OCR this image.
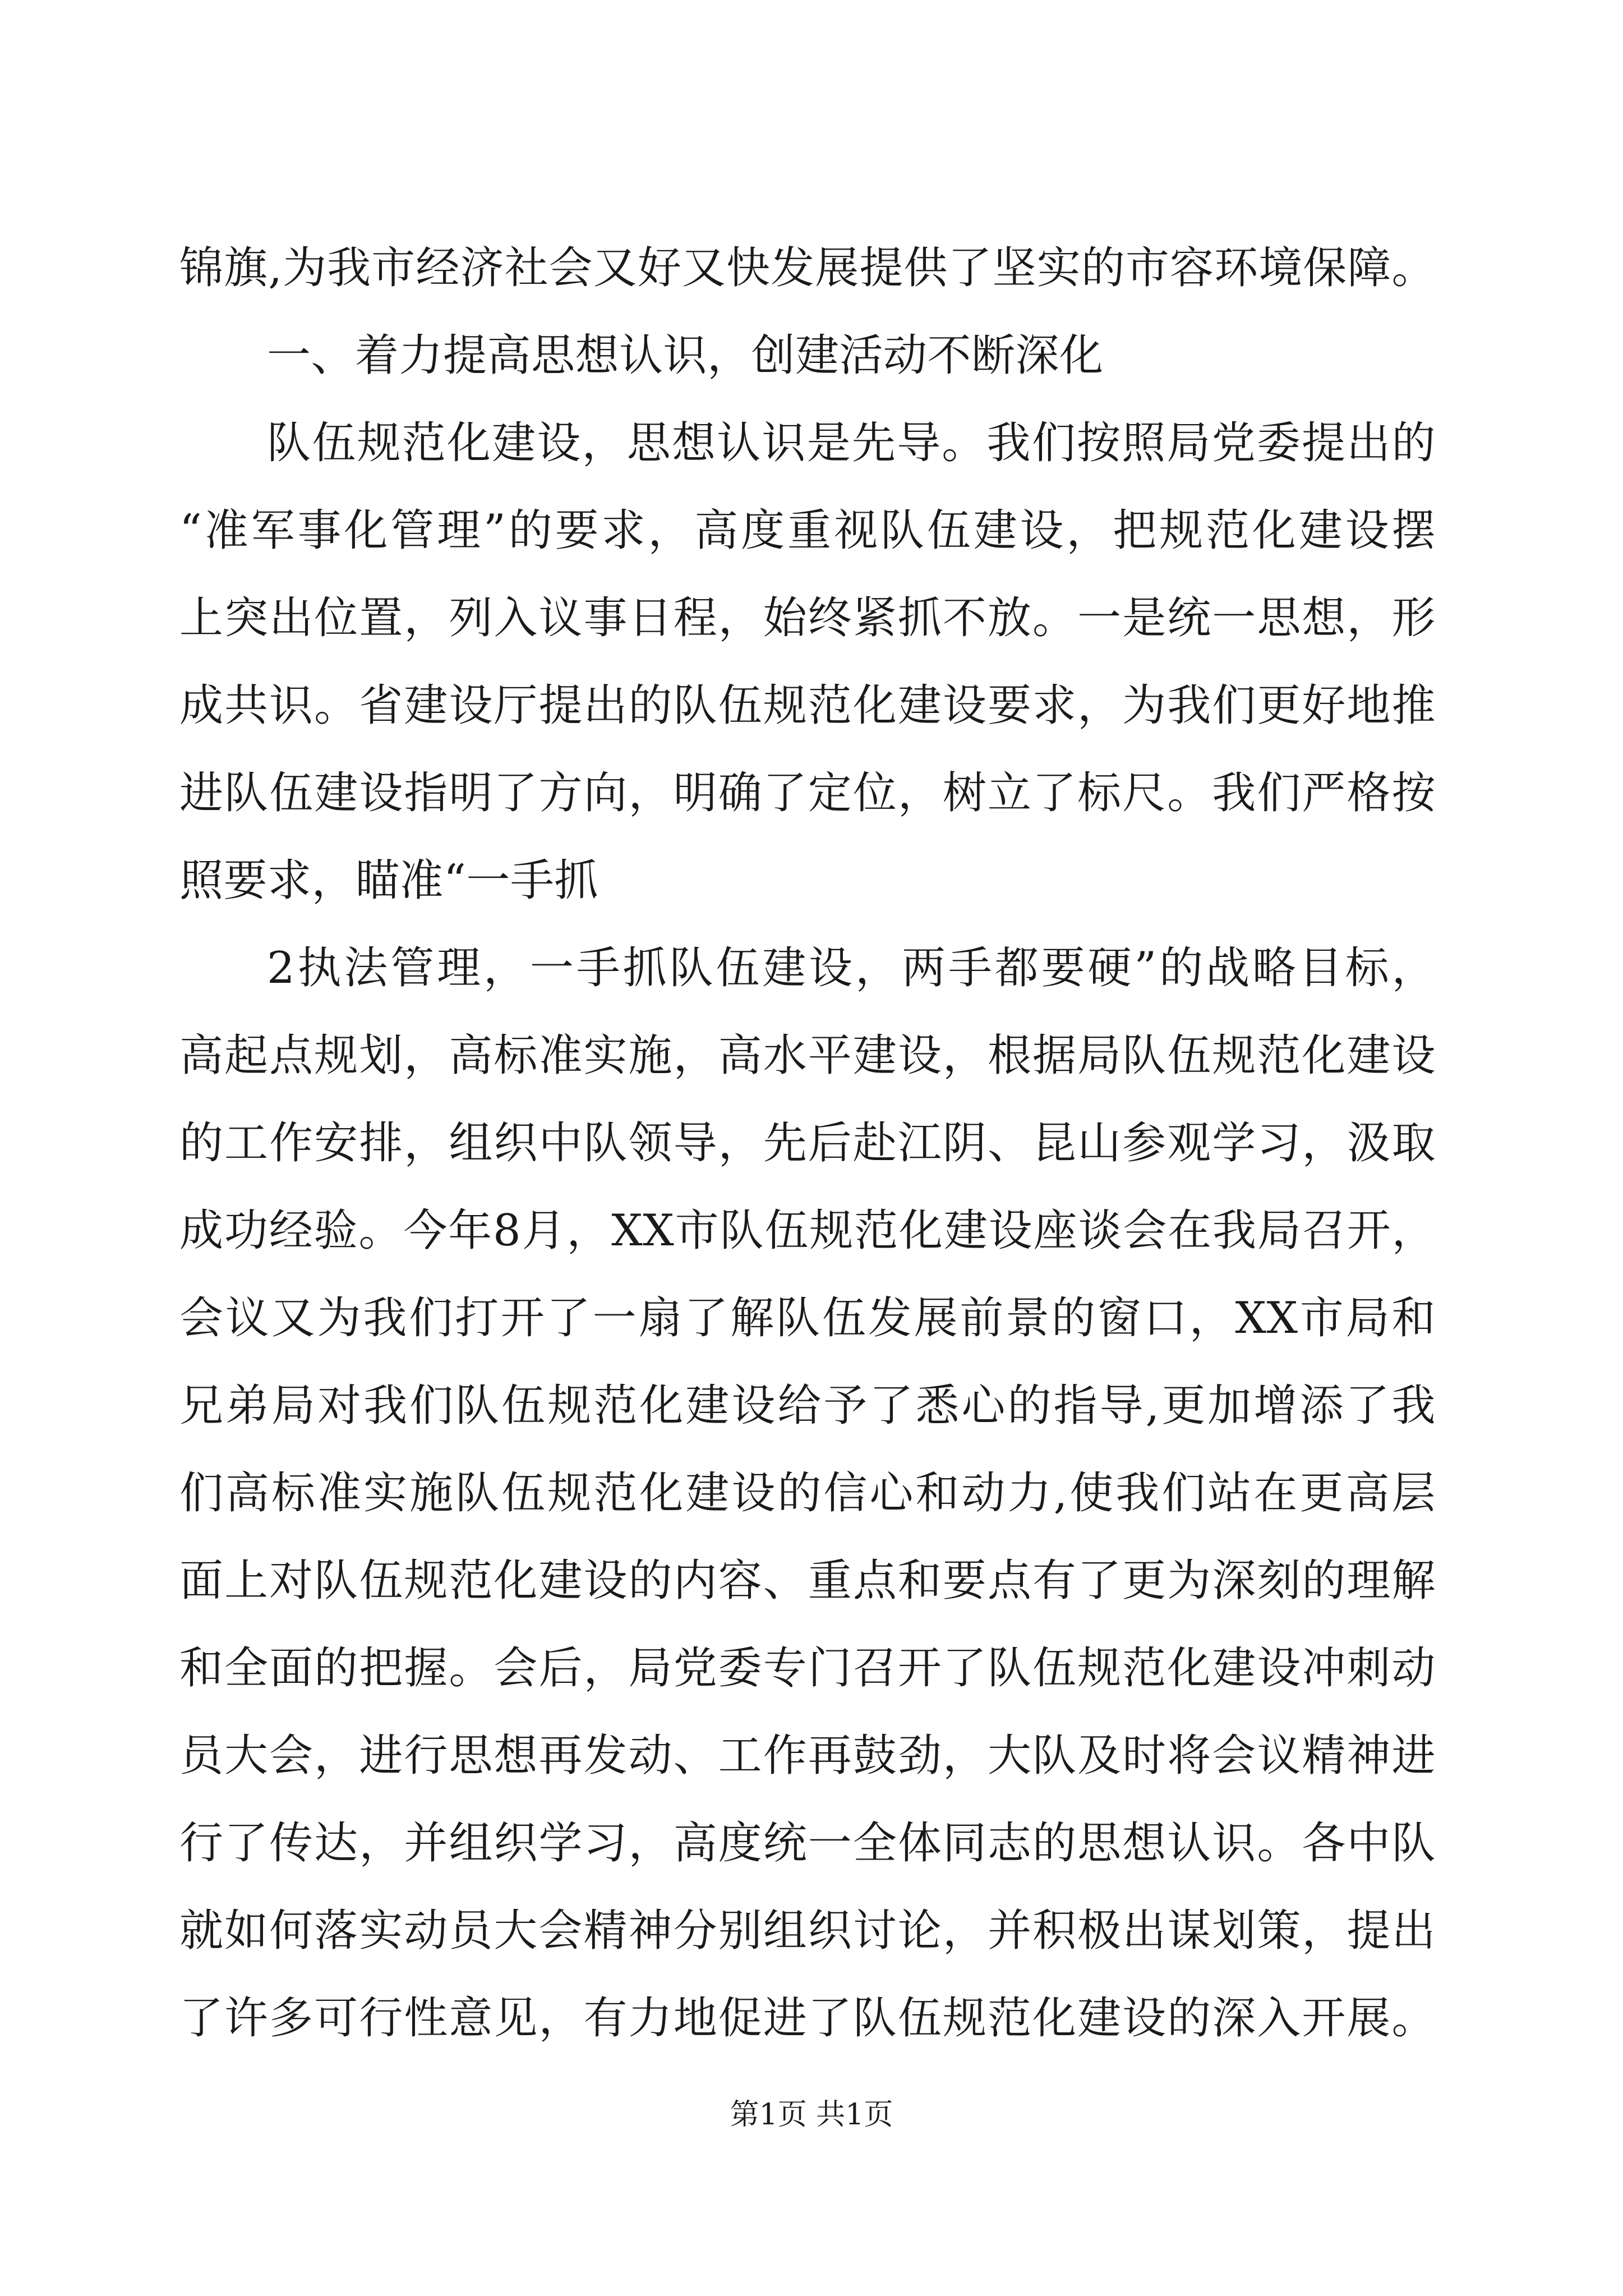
锦旗,为我市经济社会又好又快发展提供了坚实的市容环境保障。
一、着力提高思想认识，创建活动不断深化
队伍规范化建设，思想认识是先导。我们按照局党委提出的
“准军事化管理”的要求，高度重视队伍建设，把规范化建设摆
上突出位置，列入议事日程，始终紧抓不放。一是统一思想，形
成共识。省建设厅提出的队伍规范化建设要求，为我们更好地推
进队伍建设指明了方向，明确了定位，树立了标尺。我们严格按
照要求，瞄准“一手抓
2执法管理，一手抓队伍建设，两手都要硬”的战略目标，
高起点规划，高标准实施，高水平建设，根据局队伍规范化建设
的工作安排，组织中队领导，先后赴江阴、昆山参观学习，汲取
成功经验。今年8月，XX市队伍规范化建设座谈会在我局召开，
会议又为我们打开了一扇了解队伍发展前景的窗口，XX市局和
兄弟局对我们队伍规范化建设给予了悉心的指导,更加增添了我
们高标准实施队伍规范化建设的信心和动力,使我们站在更高层
面上对队伍规范化建设的内容、重点和要点有了更为深刻的理解
和全面的把握。会后，局党委专门召开了队伍规范化建设冲刺动
员大会，进行思想再发动、工作再鼓劲，大队及时将会议精神进
行了传达，并组织学习，高度统一全体同志的思想认识。各中队
就如何落实动员大会精神分别组织讨论，并积极出谋划策，提出
了许多可行性意见，有力地促进了队伍规范化建设的深入开展。
第1页 共1页
